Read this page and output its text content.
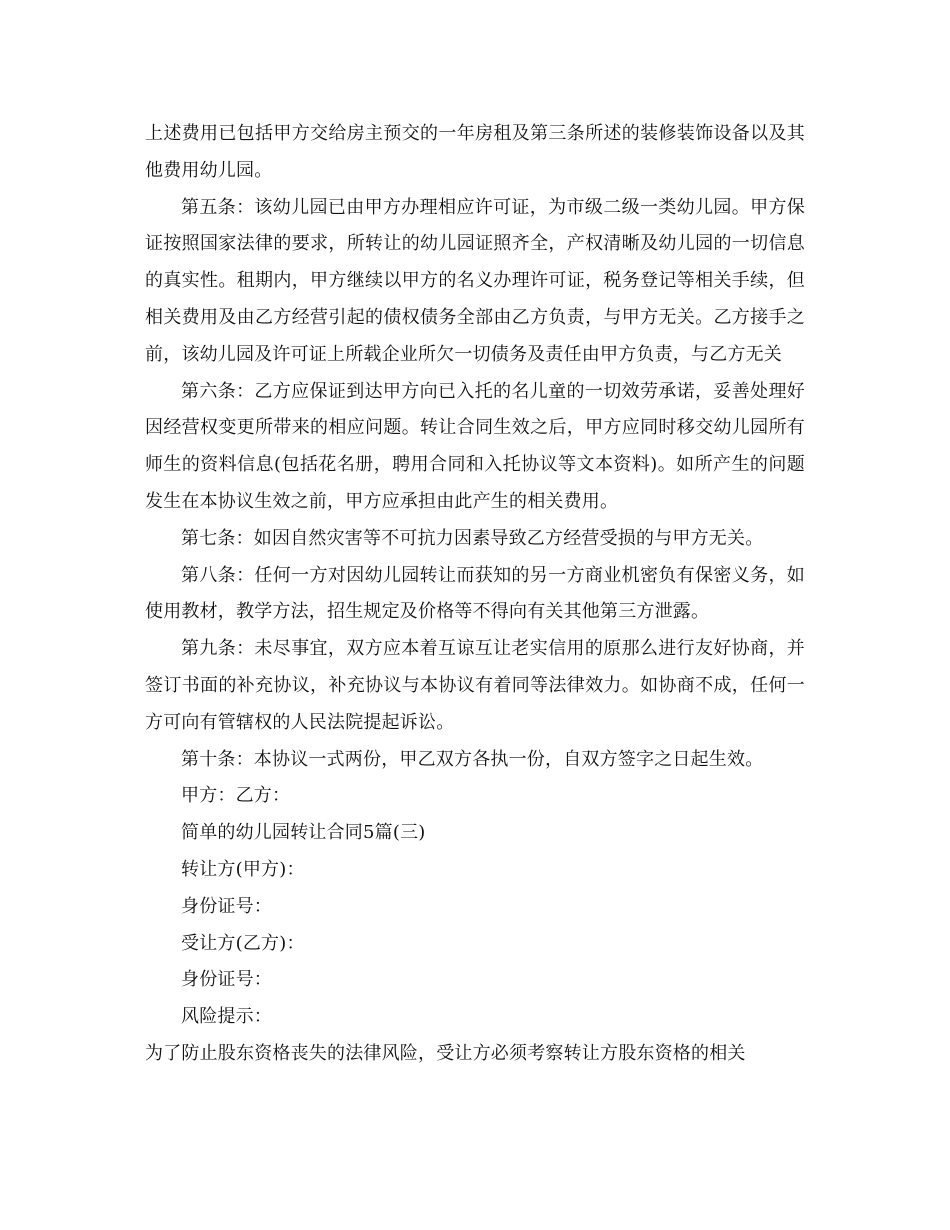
上述费用已包括甲方交给房主预交的一年房租及第三条所述的装修装饰设备以及其他费用幼儿园。

第五条：该幼儿园已由甲方办理相应许可证，为市级二级一类幼儿园。甲方保证按照国家法律的要求，所转让的幼儿园证照齐全，产权清晰及幼儿园的一切信息的真实性。租期内，甲方继续以甲方的名义办理许可证，税务登记等相关手续，但相关费用及由乙方经营引起的债权债务全部由乙方负责，与甲方无关。乙方接手之前，该幼儿园及许可证上所载企业所欠一切债务及责任由甲方负责，与乙方无关

第六条：乙方应保证到达甲方向已入托的名儿童的一切效劳承诺，妥善处理好因经营权变更所带来的相应问题。转让合同生效之后，甲方应同时移交幼儿园所有师生的资料信息(包括花名册，聘用合同和入托协议等文本资料)。如所产生的问题发生在本协议生效之前，甲方应承担由此产生的相关费用。

第七条：如因自然灾害等不可抗力因素导致乙方经营受损的与甲方无关。

第八条：任何一方对因幼儿园转让而获知的另一方商业机密负有保密义务，如使用教材，教学方法，招生规定及价格等不得向有关其他第三方泄露。

第九条：未尽事宜，双方应本着互谅互让老实信用的原那么进行友好协商，并签订书面的补充协议，补充协议与本协议有着同等法律效力。如协商不成，任何一方可向有管辖权的人民法院提起诉讼。

第十条：本协议一式两份，甲乙双方各执一份，自双方签字之日起生效。

甲方：乙方：

简单的幼儿园转让合同5篇(三)

转让方(甲方)：

身份证号：

受让方(乙方)：

身份证号：

风险提示：

为了防止股东资格丧失的法律风险，受让方必须考察转让方股东资格的相关
